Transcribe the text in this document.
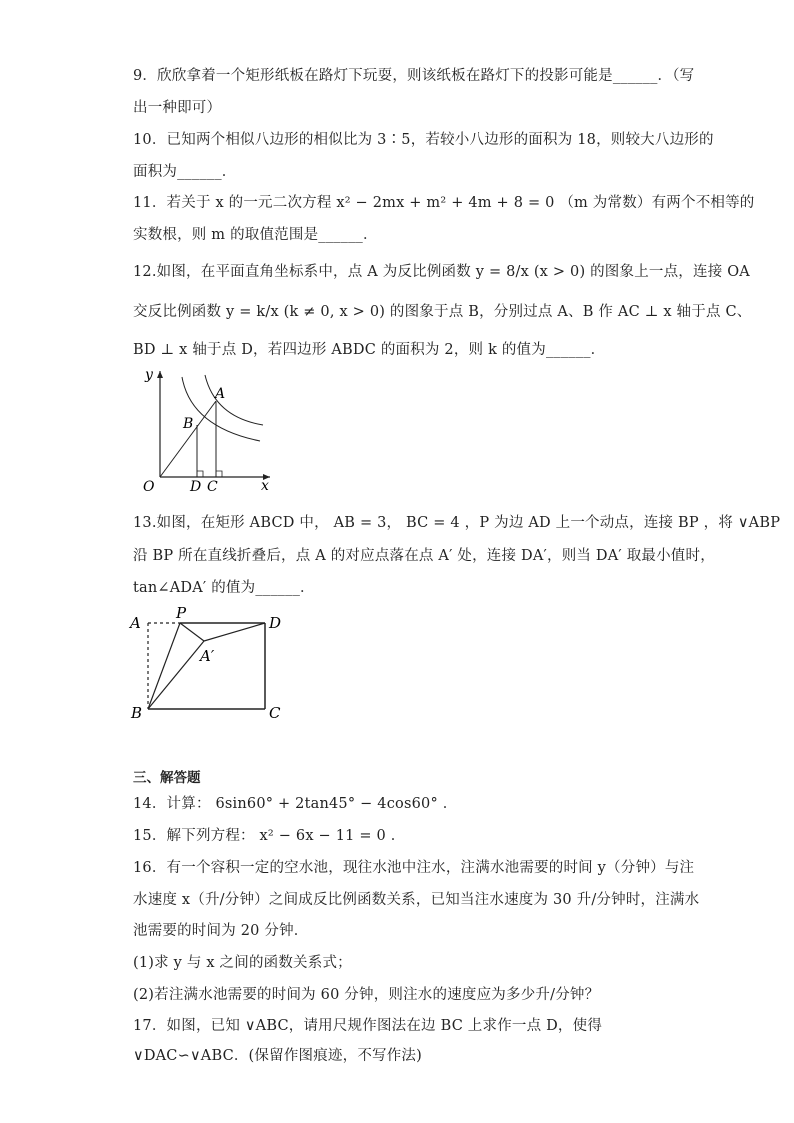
9．欣欣拿着一个矩形纸板在路灯下玩耍，则该纸板在路灯下的投影可能是______．（写
出一种即可）
10．已知两个相似八边形的相似比为 3∶5，若较小八边形的面积为 18，则较大八边形的
面积为______．
11．若关于 x 的一元二次方程 x² − 2mx + m² + 4m + 8 = 0 （m 为常数）有两个不相等的
实数根，则 m 的取值范围是______．
12.如图，在平面直角坐标系中，点 A 为反比例函数 y = 8/x (x > 0) 的图象上一点，连接 OA
交反比例函数 y = k/x (k ≠ 0, x > 0) 的图象于点 B，分别过点 A、B 作 AC ⊥ x 轴于点 C、
BD ⊥ x 轴于点 D，若四边形 ABDC 的面积为 2，则 k 的值为______．
y
x
O
A
B
D C
13.如图，在矩形 ABCD 中， AB = 3， BC = 4 ，P 为边 AD 上一个动点，连接 BP ，将 ∨ABP
沿 BP 所在直线折叠后，点 A 的对应点落在点 A′ 处，连接 DA′，则当 DA′ 取最小值时，
tan∠ADA′ 的值为______．
A
P
D
A′
B	C
三、解答题
14．计算： 6sin60° + 2tan45° − 4cos60° ．
15．解下列方程： x² − 6x − 11 = 0 ．
16．有一个容积一定的空水池，现往水池中注水，注满水池需要的时间 y（分钟）与注
水速度 x（升/分钟）之间成反比例函数关系，已知当注水速度为 30 升/分钟时，注满水
池需要的时间为 20 分钟．
(1)求 y 与 x 之间的函数关系式；
(2)若注满水池需要的时间为 60 分钟，则注水的速度应为多少升/分钟？
17．如图，已知 ∨ABC，请用尺规作图法在边 BC 上求作一点 D，使得
∨DAC∽∨ABC．(保留作图痕迹，不写作法)
